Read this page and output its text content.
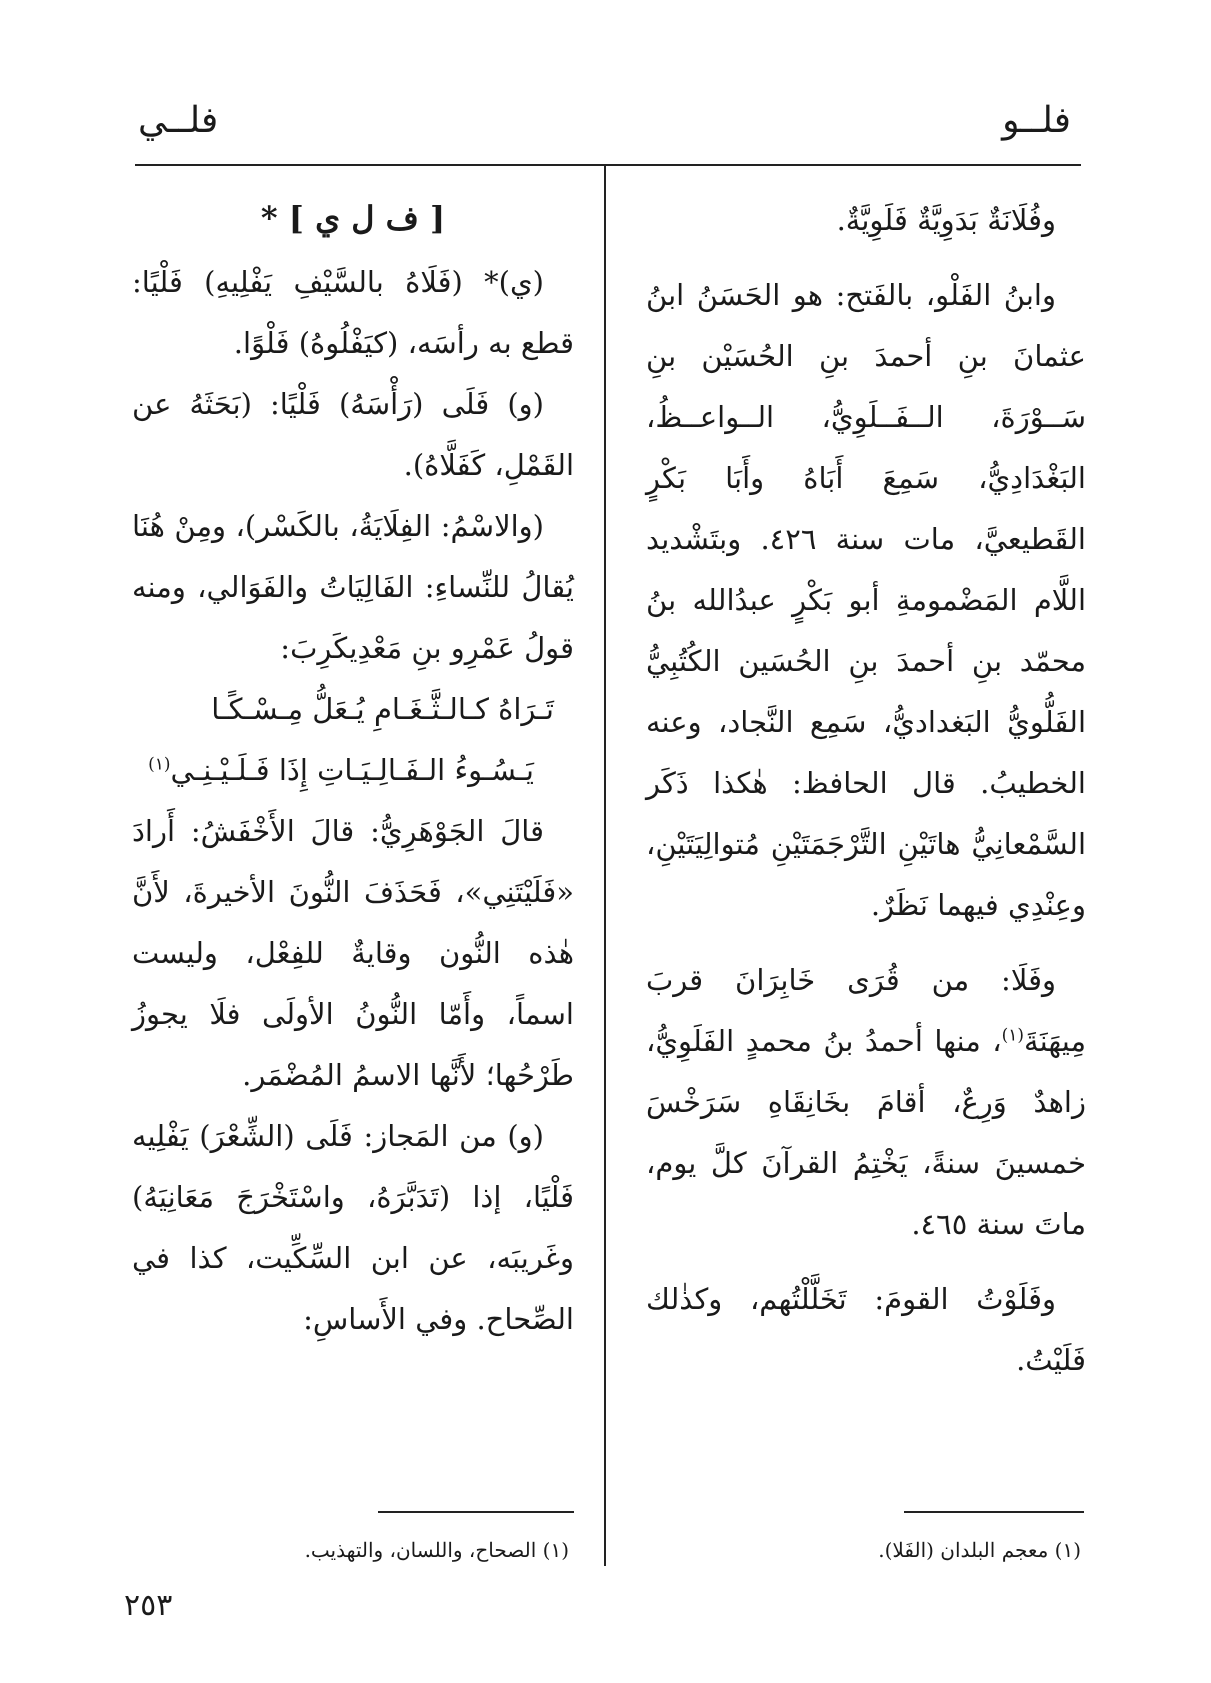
فلــو
فلــي

وفُلَانَةٌ بَدَوِيَّةٌ فَلَوِيَّةٌ.

وابنُ الفَلْو، بالفَتح: هو الحَسَنُ ابنُ عثمانَ بنِ أحمدَ بنِ الحُسَيْن بنِ سَــوْرَةَ، الــفَــلَوِيُّ، الــواعــظُ، البَغْدَادِيُّ، سَمِعَ أَبَاهُ وأَبَا بَكْرٍ القَطيعيَّ، مات سنة ٤٢٦. وبتَشْديد اللَّام المَضْمومةِ أبو بَكْرٍ عبدُالله بنُ محمّد بنِ أحمدَ بنِ الحُسَين الكُتُبِيُّ الفَلُّويُّ البَغداديُّ، سَمِع النَّجاد، وعنه الخطيبُ. قال الحافظ: هٰكذا ذَكَر السَّمْعانِيُّ هاتَيْنِ التَّرْجَمَتَيْنِ مُتوالِيَتَيْنِ، وعِنْدِي فيهما نَظَرٌ.

وفَلَا: من قُرَى خَابِرَانَ قربَ مِيهَنَةَ$^{(١)}$، منها أحمدُ بنُ محمدٍ الفَلَوِيُّ، زاهدٌ وَرِعٌ، أقامَ بخَانِقَاهِ سَرَخْسَ خمسينَ سنةً، يَخْتِمُ القرآنَ كلَّ يوم، ماتَ سنة ٤٦٥.

وفَلَوْتُ القومَ: تَخَلَّلْتُهم، وكذٰلك فَلَيْتُ.

[ ف ل ي ] *

(ي)* (فَلَاهُ بالسَّيْفِ يَفْلِيهِ) فَلْيًا: قطع به رأسَه، (كيَفْلُوهُ) فَلْوًا.

(و) فَلَى (رَأْسَهُ) فَلْيًا: (بَحَثَهُ عن القَمْلِ، كَفَلَّاهُ).

(والاسْمُ: الفِلَايَةُ، بالكَسْر)، ومِنْ هُنَا يُقالُ للنِّساءِ: الفَالِيَاتُ والفَوَالي، ومنه قولُ عَمْرِو بنِ مَعْدِيكَرِبَ:

تَـرَاهُ كـالـثَّـغَـامِ يُـعَلُّ مِـسْـكًـا

يَـسُـوءُ الـفَـالِـيَـاتِ إِذَا فَـلَـيْـنِـي$^{(١)}$

قالَ الجَوْهَرِيُّ: قالَ الأَخْفَشُ: أَرادَ «فَلَيْتَنِي»، فَحَذَفَ النُّونَ الأخيرةَ، لأَنَّ هٰذه النُّون وقايةٌ للفِعْل، وليست اسماً، وأَمّا النُّونُ الأولَى فلَا يجوزُ طَرْحُها؛ لأَنَّها الاسمُ المُضْمَر.

(و) من المَجاز: فَلَى (الشِّعْرَ) يَفْلِيه فَلْيًا، إذا (تَدَبَّرَهُ، واسْتَخْرَجَ مَعَانِيَهُ) وغَريبَه، عن ابن السِّكِّيت، كذا في الصِّحاح. وفي الأَساسِ:

(١) معجم البلدان (الفَلا).
(١) الصحاح، واللسان، والتهذيب.
٢٥٣
